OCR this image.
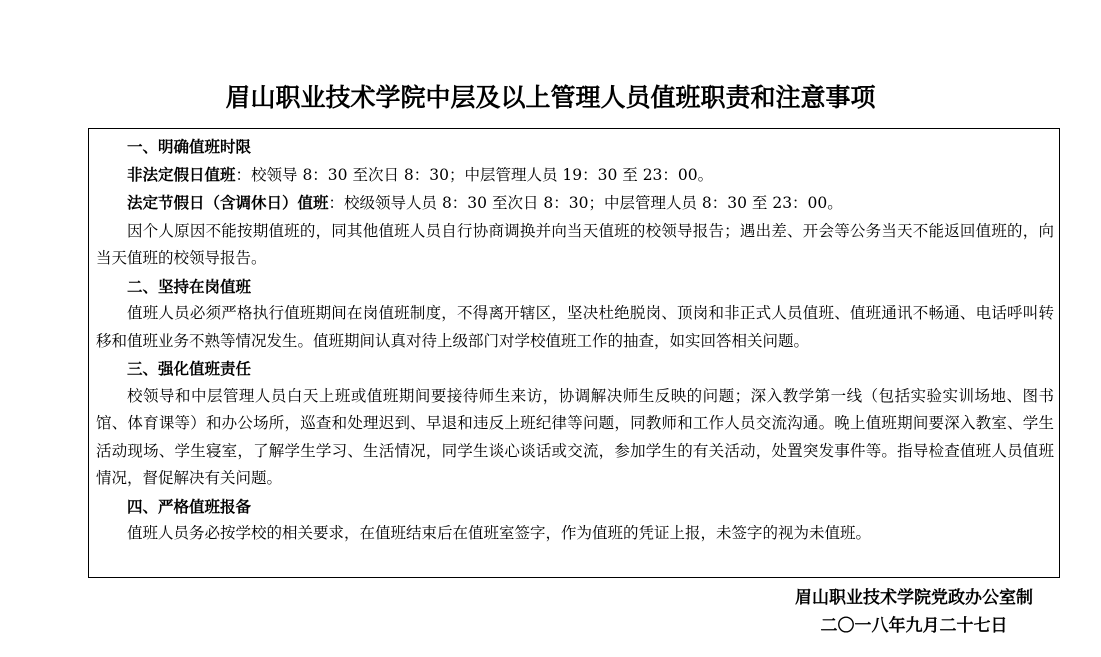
眉山职业技术学院中层及以上管理人员值班职责和注意事项

一、明确值班时限

非法定假日值班：校领导 8：30 至次日 8：30；中层管理人员 19：30 至 23：00。

法定节假日（含调休日）值班：校级领导人员 8：30 至次日 8：30；中层管理人员 8：30 至 23：00。

因个人原因不能按期值班的，同其他值班人员自行协商调换并向当天值班的校领导报告；遇出差、开会等公务当天不能返回值班的，向当天值班的校领导报告。

二、坚持在岗值班

值班人员必须严格执行值班期间在岗值班制度，不得离开辖区，坚决杜绝脱岗、顶岗和非正式人员值班、值班通讯不畅通、电话呼叫转移和值班业务不熟等情况发生。值班期间认真对待上级部门对学校值班工作的抽查，如实回答相关问题。

三、强化值班责任

校领导和中层管理人员白天上班或值班期间要接待师生来访，协调解决师生反映的问题；深入教学第一线（包括实验实训场地、图书馆、体育课等）和办公场所，巡查和处理迟到、早退和违反上班纪律等问题，同教师和工作人员交流沟通。晚上值班期间要深入教室、学生活动现场、学生寝室，了解学生学习、生活情况，同学生谈心谈话或交流，参加学生的有关活动，处置突发事件等。指导检查值班人员值班情况，督促解决有关问题。

四、严格值班报备

值班人员务必按学校的相关要求，在值班结束后在值班室签字，作为值班的凭证上报，未签字的视为未值班。

眉山职业技术学院党政办公室制
二〇一八年九月二十七日
